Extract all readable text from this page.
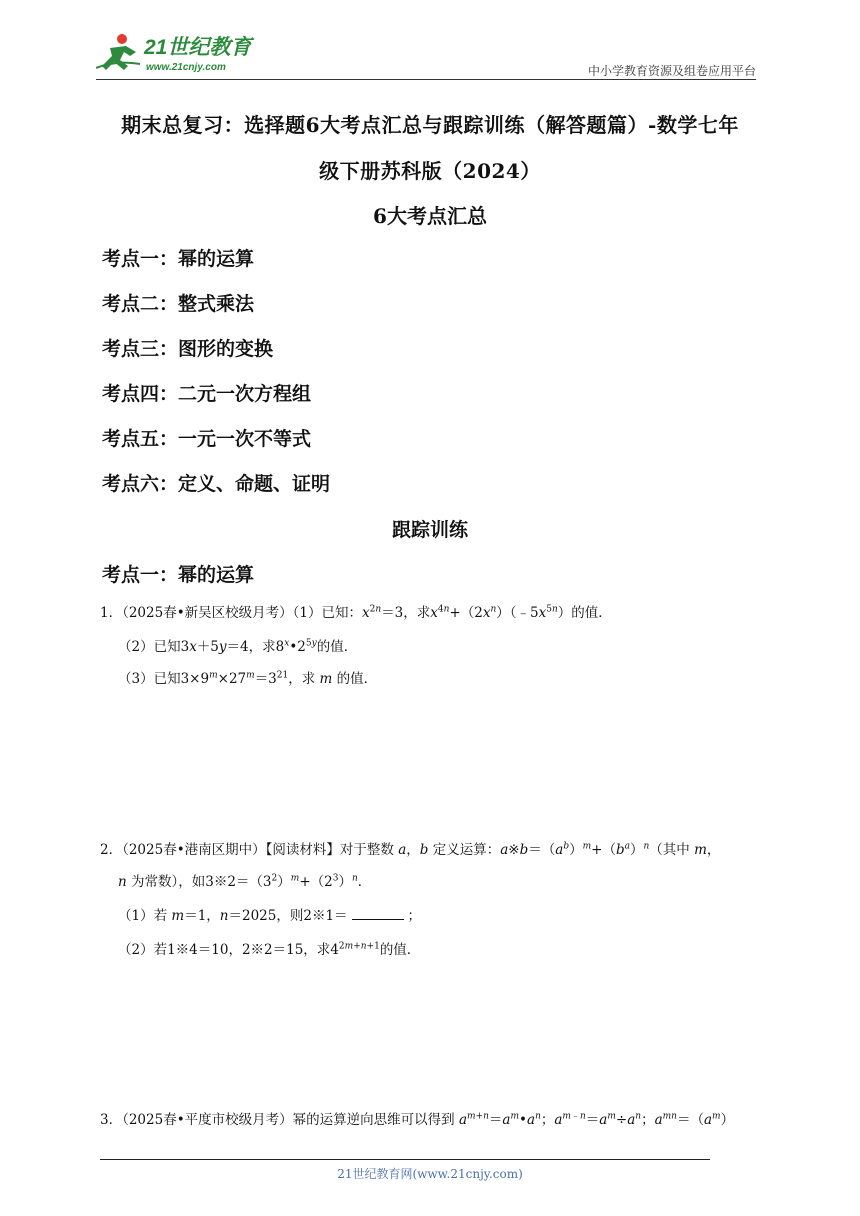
21世纪教育
www.21cnjy.com	中小学教育资源及组卷应用平台
期末总复习：选择题6大考点汇总与跟踪训练（解答题篇）-数学七年
级下册苏科版（2024）
6大考点汇总
考点一：幂的运算
考点二：整式乘法
考点三：图形的变换
考点四：二元一次方程组
考点五：一元一次不等式
考点六：定义、命题、证明
跟踪训练
考点一：幂的运算
1．（2025春•新吴区校级月考）（1）已知：$x^{2n}=3$，求$x^{4n}+(2x^n)(﹣5x^{5n})$的值．
（2）已知3x＋5y＝4，求$8^x•2^{5y}$的值．
（3）已知$3\times 9^m\times 27^m=3^{21}$，求 m 的值．
2．（2025春•港南区期中）【阅读材料】对于整数 a，b 定义运算：$a※b=(a^b)^m+(b^a)^n$（其中 m，
n 为常数），如$3※2=(3^2)^m+(2^3)^n$．
（1）若 m＝1，n＝2025，则2※1＝	；
（2）若1※4＝10，2※2＝15，求$4^{2m+n+1}$的值．
3．（2025春•平度市校级月考）幂的运算逆向思维可以得到 $a^{m+n}=a^m•a^n$；$a^{m﹣n}=a^m\div a^n$；$a^{mn}=(a^m)$
21世纪教育网(www.21cnjy.com)
